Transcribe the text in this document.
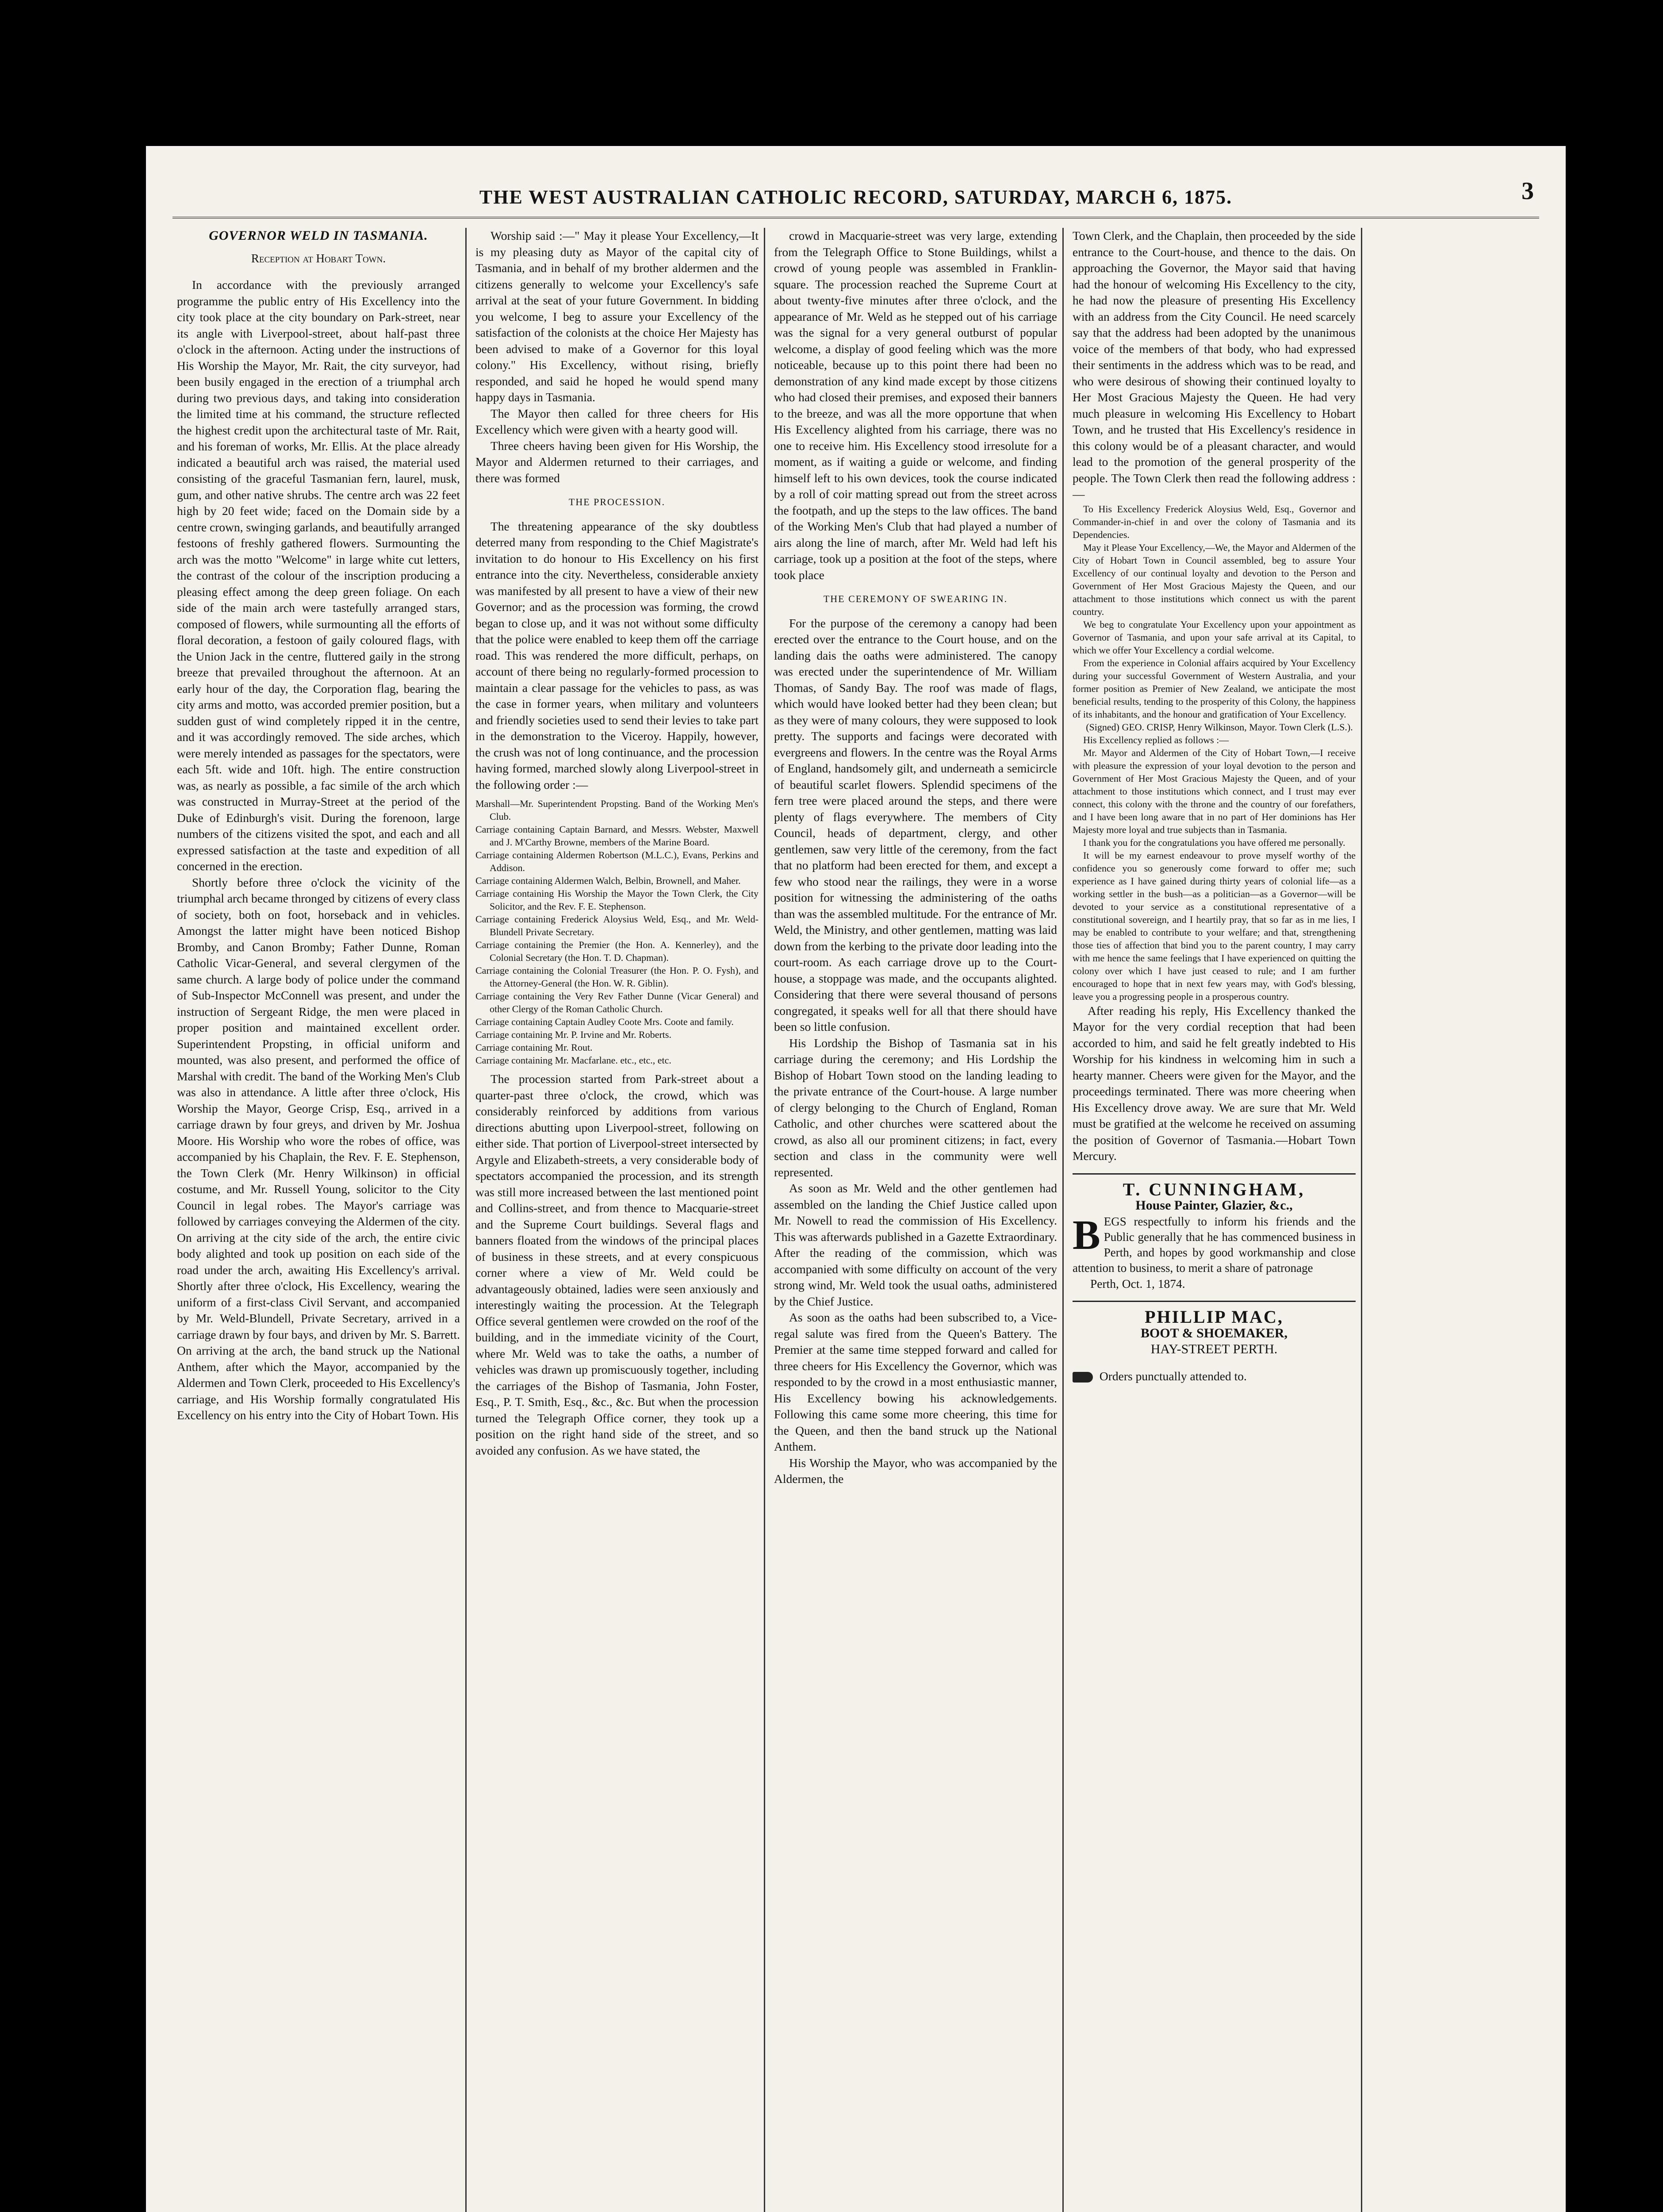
THE WEST AUSTRALIAN CATHOLIC RECORD, SATURDAY, MARCH 6, 1875.	3
GOVERNOR WELD IN TASMANIA.
Reception at Hobart Town.

In accordance with the previously arranged programme the public entry of His Excellency into the city took place at the city boundary on Park-street, near its angle with Liverpool-street, about half-past three o'clock in the afternoon. Acting under the instructions of His Worship the Mayor, Mr. Rait, the city surveyor, had been busily engaged in the erection of a triumphal arch during two previous days, and taking into consideration the limited time at his command, the structure reflected the highest credit upon the architectural taste of Mr. Rait, and his foreman of works, Mr. Ellis. At the place already indicated a beautiful arch was raised, the material used consisting of the graceful Tasmanian fern, laurel, musk, gum, and other native shrubs. The centre arch was 22 feet high by 20 feet wide; faced on the Domain side by a centre crown, swinging garlands, and beautifully arranged festoons of freshly gathered flowers. Surmounting the arch was the motto "Welcome" in large white cut letters, the contrast of the colour of the inscription producing a pleasing effect among the deep green foliage. On each side of the main arch were tastefully arranged stars, composed of flowers, while surmounting all the efforts of floral decoration, a festoon of gaily coloured flags, with the Union Jack in the centre, fluttered gaily in the strong breeze that prevailed throughout the afternoon. At an early hour of the day, the Corporation flag, bearing the city arms and motto, was accorded premier position, but a sudden gust of wind completely ripped it in the centre, and it was accordingly removed. The side arches, which were merely intended as passages for the spectators, were each 5ft. wide and 10ft. high. The entire construction was, as nearly as possible, a fac simile of the arch which was constructed in Murray-Street at the period of the Duke of Edinburgh's visit. During the forenoon, large numbers of the citizens visited the spot, and each and all expressed satisfaction at the taste and expedition of all concerned in the erection.

Shortly before three o'clock the vicinity of the triumphal arch became thronged by citizens of every class of society, both on foot, horseback and in vehicles. Amongst the latter might have been noticed Bishop Bromby, and Canon Bromby; Father Dunne, Roman Catholic Vicar-General, and several clergymen of the same church. A large body of police under the command of Sub-Inspector McConnell was present, and under the instruction of Sergeant Ridge, the men were placed in proper position and maintained excellent order. Superintendent Propsting, in official uniform and mounted, was also present, and performed the office of Marshal with credit. The band of the Working Men's Club was also in attendance. A little after three o'clock, His Worship the Mayor, George Crisp, Esq., arrived in a carriage drawn by four greys, and driven by Mr. Joshua Moore. His Worship who wore the robes of office, was accompanied by his Chaplain, the Rev. F. E. Stephenson, the Town Clerk (Mr. Henry Wilkinson) in official costume, and Mr. Russell Young, solicitor to the City Council in legal robes. The Mayor's carriage was followed by carriages conveying the Aldermen of the city. On arriving at the city side of the arch, the entire civic body alighted and took up position on each side of the road under the arch, awaiting His Excellency's arrival. Shortly after three o'clock, His Excellency, wearing the uniform of a first-class Civil Servant, and accompanied by Mr. Weld-Blundell, Private Secretary, arrived in a carriage drawn by four bays, and driven by Mr. S. Barrett. On arriving at the arch, the band struck up the National Anthem, after which the Mayor, accompanied by the Aldermen and Town Clerk, proceeded to His Excellency's carriage, and His Worship formally congratulated His Excellency on his entry into the City of Hobart Town. His

Worship said :—" May it please Your Excellency,—It is my pleasing duty as Mayor of the capital city of Tasmania, and in behalf of my brother aldermen and the citizens generally to welcome your Excellency's safe arrival at the seat of your future Government. In bidding you welcome, I beg to assure your Excellency of the satisfaction of the colonists at the choice Her Majesty has been advised to make of a Governor for this loyal colony." His Excellency, without rising, briefly responded, and said he hoped he would spend many happy days in Tasmania.

The Mayor then called for three cheers for His Excellency which were given with a hearty good will.

Three cheers having been given for His Worship, the Mayor and Aldermen returned to their carriages, and there was formed

THE PROCESSION.

The threatening appearance of the sky doubtless deterred many from responding to the Chief Magistrate's invitation to do honour to His Excellency on his first entrance into the city. Nevertheless, considerable anxiety was manifested by all present to have a view of their new Governor; and as the procession was forming, the crowd began to close up, and it was not without some difficulty that the police were enabled to keep them off the carriage road. This was rendered the more difficult, perhaps, on account of there being no regularly-formed procession to maintain a clear passage for the vehicles to pass, as was the case in former years, when military and volunteers and friendly societies used to send their levies to take part in the demonstration to the Viceroy. Happily, however, the crush was not of long continuance, and the procession having formed, marched slowly along Liverpool-street in the following order :—

Marshall—Mr. Superintendent Propsting. Band of the Working Men's Club.

Carriage containing Captain Barnard, and Messrs. Webster, Maxwell and J. M'Carthy Browne, members of the Marine Board.

Carriage containing Aldermen Robertson (M.L.C.), Evans, Perkins and Addison.

Carriage containing Aldermen Walch, Belbin, Brownell, and Maher.

Carriage containing His Worship the Mayor the Town Clerk, the City Solicitor, and the Rev. F. E. Stephenson.

Carriage containing Frederick Aloysius Weld, Esq., and Mr. Weld-Blundell Private Secretary.

Carriage containing the Premier (the Hon. A. Kennerley), and the Colonial Secretary (the Hon. T. D. Chapman).

Carriage containing the Colonial Treasurer (the Hon. P. O. Fysh), and the Attorney-General (the Hon. W. R. Giblin).

Carriage containing the Very Rev Father Dunne (Vicar General) and other Clergy of the Roman Catholic Church.

Carriage containing Captain Audley Coote Mrs. Coote and family.

Carriage containing Mr. P. Irvine and Mr. Roberts.

Carriage containing Mr. Rout.

Carriage containing Mr. Macfarlane. etc., etc., etc.

The procession started from Park-street about a quarter-past three o'clock, the crowd, which was considerably reinforced by additions from various directions abutting upon Liverpool-street, following on either side. That portion of Liverpool-street intersected by Argyle and Elizabeth-streets, a very considerable body of spectators accompanied the procession, and its strength was still more increased between the last mentioned point and Collins-street, and from thence to Macquarie-street and the Supreme Court buildings. Several flags and banners floated from the windows of the principal places of business in these streets, and at every conspicuous corner where a view of Mr. Weld could be advantageously obtained, ladies were seen anxiously and interestingly waiting the procession. At the Telegraph Office several gentlemen were crowded on the roof of the building, and in the immediate vicinity of the Court, where Mr. Weld was to take the oaths, a number of vehicles was drawn up promiscuously together, including the carriages of the Bishop of Tasmania, John Foster, Esq., P. T. Smith, Esq., &c., &c. But when the procession turned the Telegraph Office corner, they took up a position on the right hand side of the street, and so avoided any confusion. As we have stated, the

crowd in Macquarie-street was very large, extending from the Telegraph Office to Stone Buildings, whilst a crowd of young people was assembled in Franklin-square. The procession reached the Supreme Court at about twenty-five minutes after three o'clock, and the appearance of Mr. Weld as he stepped out of his carriage was the signal for a very general outburst of popular welcome, a display of good feeling which was the more noticeable, because up to this point there had been no demonstration of any kind made except by those citizens who had closed their premises, and exposed their banners to the breeze, and was all the more opportune that when His Excellency alighted from his carriage, there was no one to receive him. His Excellency stood irresolute for a moment, as if waiting a guide or welcome, and finding himself left to his own devices, took the course indicated by a roll of coir matting spread out from the street across the footpath, and up the steps to the law offices. The band of the Working Men's Club that had played a number of airs along the line of march, after Mr. Weld had left his carriage, took up a position at the foot of the steps, where took place

THE CEREMONY OF SWEARING IN.

For the purpose of the ceremony a canopy had been erected over the entrance to the Court house, and on the landing dais the oaths were administered. The canopy was erected under the superintendence of Mr. William Thomas, of Sandy Bay. The roof was made of flags, which would have looked better had they been clean; but as they were of many colours, they were supposed to look pretty. The supports and facings were decorated with evergreens and flowers. In the centre was the Royal Arms of England, handsomely gilt, and underneath a semicircle of beautiful scarlet flowers. Splendid specimens of the fern tree were placed around the steps, and there were plenty of flags everywhere. The members of City Council, heads of department, clergy, and other gentlemen, saw very little of the ceremony, from the fact that no platform had been erected for them, and except a few who stood near the railings, they were in a worse position for witnessing the administering of the oaths than was the assembled multitude. For the entrance of Mr. Weld, the Ministry, and other gentlemen, matting was laid down from the kerbing to the private door leading into the court-room. As each carriage drove up to the Court-house, a stoppage was made, and the occupants alighted. Considering that there were several thousand of persons congregated, it speaks well for all that there should have been so little confusion.

His Lordship the Bishop of Tasmania sat in his carriage during the ceremony; and His Lordship the Bishop of Hobart Town stood on the landing leading to the private entrance of the Court-house. A large number of clergy belonging to the Church of England, Roman Catholic, and other churches were scattered about the crowd, as also all our prominent citizens; in fact, every section and class in the community were well represented.

As soon as Mr. Weld and the other gentlemen had assembled on the landing the Chief Justice called upon Mr. Nowell to read the commission of His Excellency. This was afterwards published in a Gazette Extraordinary. After the reading of the commission, which was accompanied with some difficulty on account of the very strong wind, Mr. Weld took the usual oaths, administered by the Chief Justice.

As soon as the oaths had been subscribed to, a Vice-regal salute was fired from the Queen's Battery. The Premier at the same time stepped forward and called for three cheers for His Excellency the Governor, which was responded to by the crowd in a most enthusiastic manner, His Excellency bowing his acknowledgements. Following this came some more cheering, this time for the Queen, and then the band struck up the National Anthem.

His Worship the Mayor, who was accompanied by the Aldermen, the

Town Clerk, and the Chaplain, then proceeded by the side entrance to the Court-house, and thence to the dais. On approaching the Governor, the Mayor said that having had the honour of welcoming His Excellency to the city, he had now the pleasure of presenting His Excellency with an address from the City Council. He need scarcely say that the address had been adopted by the unanimous voice of the members of that body, who had expressed their sentiments in the address which was to be read, and who were desirous of showing their continued loyalty to Her Most Gracious Majesty the Queen. He had very much pleasure in welcoming His Excellency to Hobart Town, and he trusted that His Excellency's residence in this colony would be of a pleasant character, and would lead to the promotion of the general prosperity of the people. The Town Clerk then read the following address :—

To His Excellency Frederick Aloysius Weld, Esq., Governor and Commander-in-chief in and over the colony of Tasmania and its Dependencies.

May it Please Your Excellency,—We, the Mayor and Aldermen of the City of Hobart Town in Council assembled, beg to assure Your Excellency of our continual loyalty and devotion to the Person and Government of Her Most Gracious Majesty the Queen, and our attachment to those institutions which connect us with the parent country.

We beg to congratulate Your Excellency upon your appointment as Governor of Tasmania, and upon your safe arrival at its Capital, to which we offer Your Excellency a cordial welcome.

From the experience in Colonial affairs acquired by Your Excellency during your successful Government of Western Australia, and your former position as Premier of New Zealand, we anticipate the most beneficial results, tending to the prosperity of this Colony, the happiness of its inhabitants, and the honour and gratification of Your Excellency.

(Signed) GEO. CRISP, Henry Wilkinson, Mayor. Town Clerk (L.S.).

His Excellency replied as follows :—

Mr. Mayor and Aldermen of the City of Hobart Town,—I receive with pleasure the expression of your loyal devotion to the person and Government of Her Most Gracious Majesty the Queen, and of your attachment to those institutions which connect, and I trust may ever connect, this colony with the throne and the country of our forefathers, and I have been long aware that in no part of Her dominions has Her Majesty more loyal and true subjects than in Tasmania.

I thank you for the congratulations you have offered me personally.

It will be my earnest endeavour to prove myself worthy of the confidence you so generously come forward to offer me; such experience as I have gained during thirty years of colonial life—as a working settler in the bush—as a politician—as a Governor—will be devoted to your service as a constitutional representative of a constitutional sovereign, and I heartily pray, that so far as in me lies, I may be enabled to contribute to your welfare; and that, strengthening those ties of affection that bind you to the parent country, I may carry with me hence the same feelings that I have experienced on quitting the colony over which I have just ceased to rule; and I am further encouraged to hope that in next few years may, with God's blessing, leave you a progressing people in a prosperous country.

After reading his reply, His Excellency thanked the Mayor for the very cordial reception that had been accorded to him, and said he felt greatly indebted to His Worship for his kindness in welcoming him in such a hearty manner. Cheers were given for the Mayor, and the proceedings terminated. There was more cheering when His Excellency drove away. We are sure that Mr. Weld must be gratified at the welcome he received on assuming the position of Governor of Tasmania.—Hobart Town Mercury.

T. CUNNINGHAM,
House Painter, Glazier, &c.,
B EGS respectfully to inform his friends and the Public generally that he has commenced business in Perth, and hopes by good workmanship and close attention to business, to merit a share of patronage
Perth, Oct. 1, 1874.
PHILLIP MAC,
BOOT & SHOEMAKER,
HAY-STREET PERTH.
Orders punctually attended to.
